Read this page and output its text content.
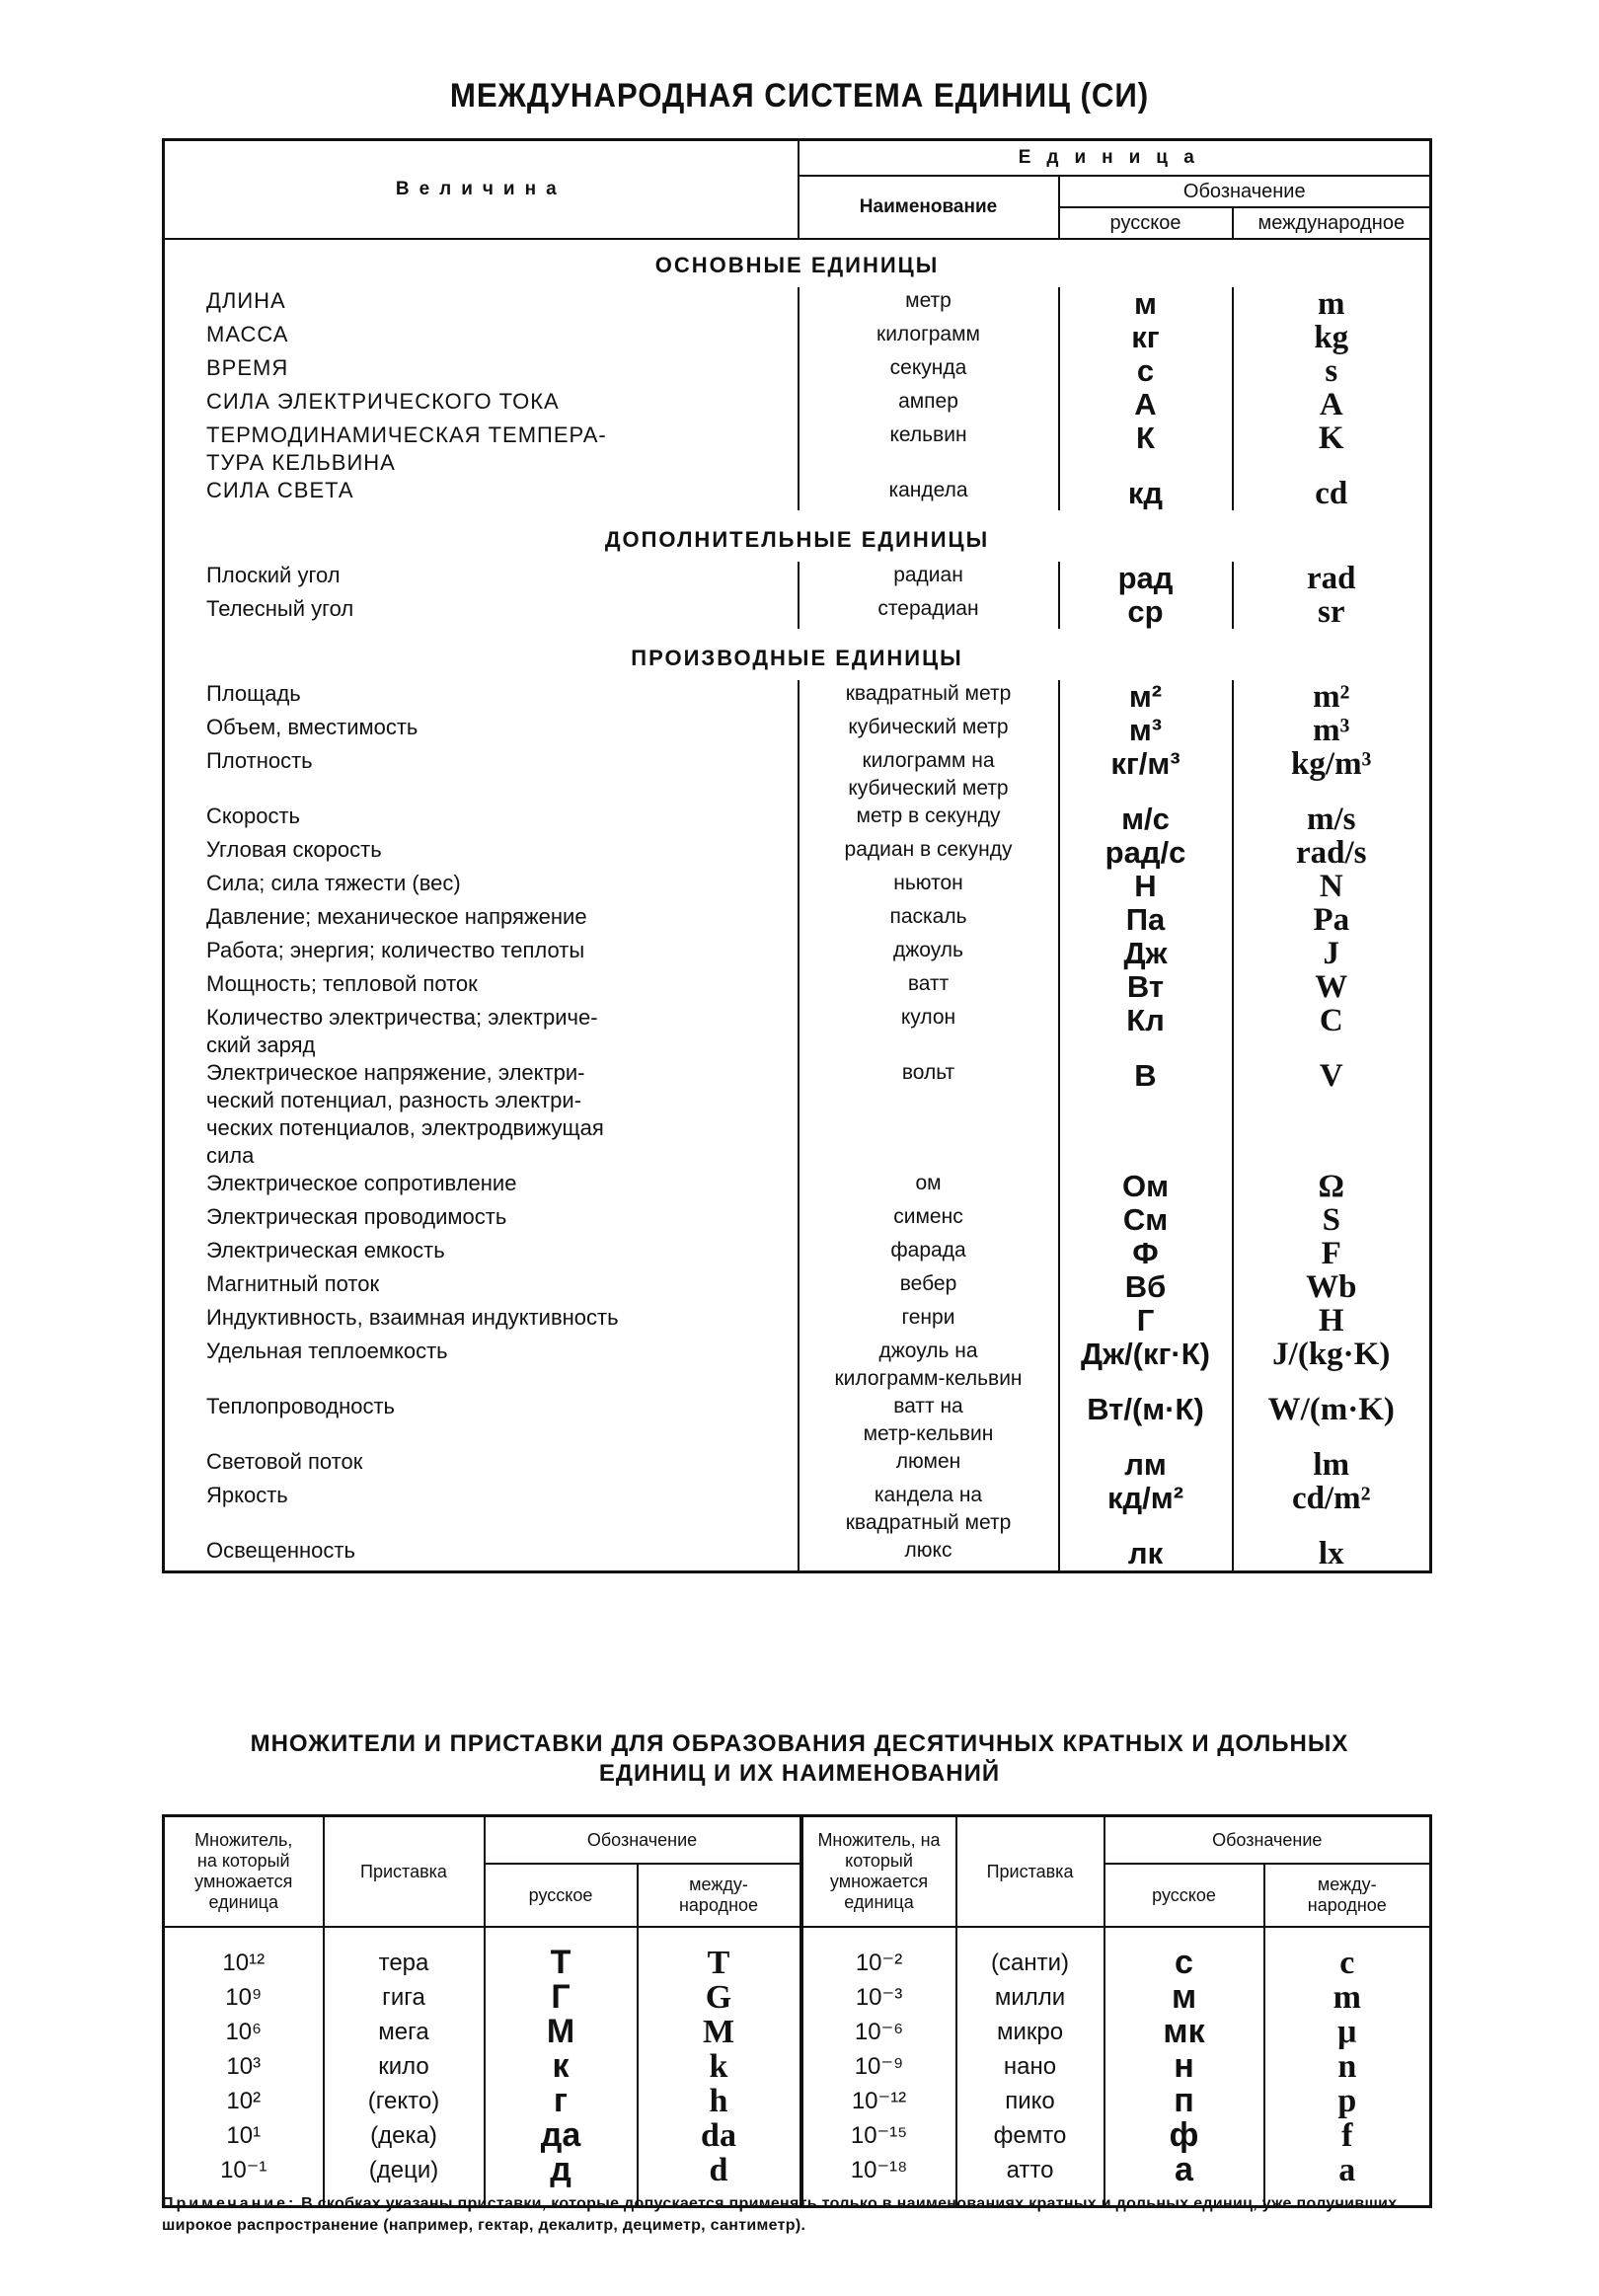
МЕЖДУНАРОДНАЯ СИСТЕМА ЕДИНИЦ (СИ)
Величина	Единица		
	Наименование	Обозначение	
		русское	международное
ОСНОВНЫЕ ЕДИНИЦЫ			
ДЛИНА	метр	м	m
МАССА	килограмм	кг	kg
ВРЕМЯ	секунда	с	s
СИЛА ЭЛЕКТРИЧЕСКОГО ТОКА	ампер	А	A
ТЕРМОДИНАМИЧЕСКАЯ ТЕМПЕРА-
ТУРА КЕЛЬВИНА	кельвин	К	K
СИЛА СВЕТА	кандела	кд	cd

ДОПОЛНИТЕЛЬНЫЕ ЕДИНИЦЫ			
Плоский угол	радиан	рад	rad
Телесный угол	стерадиан	ср	sr

ПРОИЗВОДНЫЕ ЕДИНИЦЫ			
Площадь	квадратный метр	м²	m²
Объем, вместимость	кубический метр	м³	m³
Плотность	килограмм на
кубический метр	кг/м³	kg/m³
Скорость	метр в секунду	м/с	m/s
Угловая скорость	радиан в секунду	рад/с	rad/s
Сила; сила тяжести (вес)	ньютон	Н	N
Давление; механическое напряжение	паскаль	Па	Pa
Работа; энергия; количество теплоты	джоуль	Дж	J
Мощность; тепловой поток	ватт	Вт	W
Количество электричества; электриче-
ский заряд	кулон	Кл	C
Электрическое напряжение, электри-
ческий потенциал, разность электри-
ческих потенциалов, электродвижущая
сила	вольт	В	V
Электрическое сопротивление	ом	Ом	Ω
Электрическая проводимость	сименс	См	S
Электрическая емкость	фарада	Ф	F
Магнитный поток	вебер	Вб	Wb
Индуктивность, взаимная индуктивность	генри	Г	H
Удельная теплоемкость	джоуль на
килограмм-кельвин	Дж/(кг·К)	J/(kg·K)
Теплопроводность	ватт на
метр-кельвин	Вт/(м·К)	W/(m·K)
Световой поток	люмен	лм	lm
Яркость	кандела на
квадратный метр	кд/м²	cd/m²
Освещенность	люкс	лк	lx
МНОЖИТЕЛИ И ПРИСТАВКИ ДЛЯ ОБРАЗОВАНИЯ ДЕСЯТИЧНЫХ КРАТНЫХ И ДОЛЬНЫХ
ЕДИНИЦ И ИХ НАИМЕНОВАНИЙ
Множитель,
на который
умножается
единица	Приставка	Обозначение		Множитель, на который умножается единица	Приставка	Обозначение	
		русское	между-
народное			русское	между-
народное

10¹²	тера	Т	T	10⁻²	(санти)	с	c
10⁹	гига	Г	G	10⁻³	милли	м	m
10⁶	мега	М	M	10⁻⁶	микро	мк	μ
10³	кило	к	k	10⁻⁹	нано	н	n
10²	(гекто)	г	h	10⁻¹²	пико	п	p
10¹	(дека)	да	da	10⁻¹⁵	фемто	ф	f
10⁻¹	(деци)	д	d	10⁻¹⁸	атто	а	a

Примечание: В скобках указаны приставки, которые допускается применять только в наименованиях кратных и дольных единиц, уже получивших широкое распространение (например, гектар, декалитр, дециметр, сантиметр).
